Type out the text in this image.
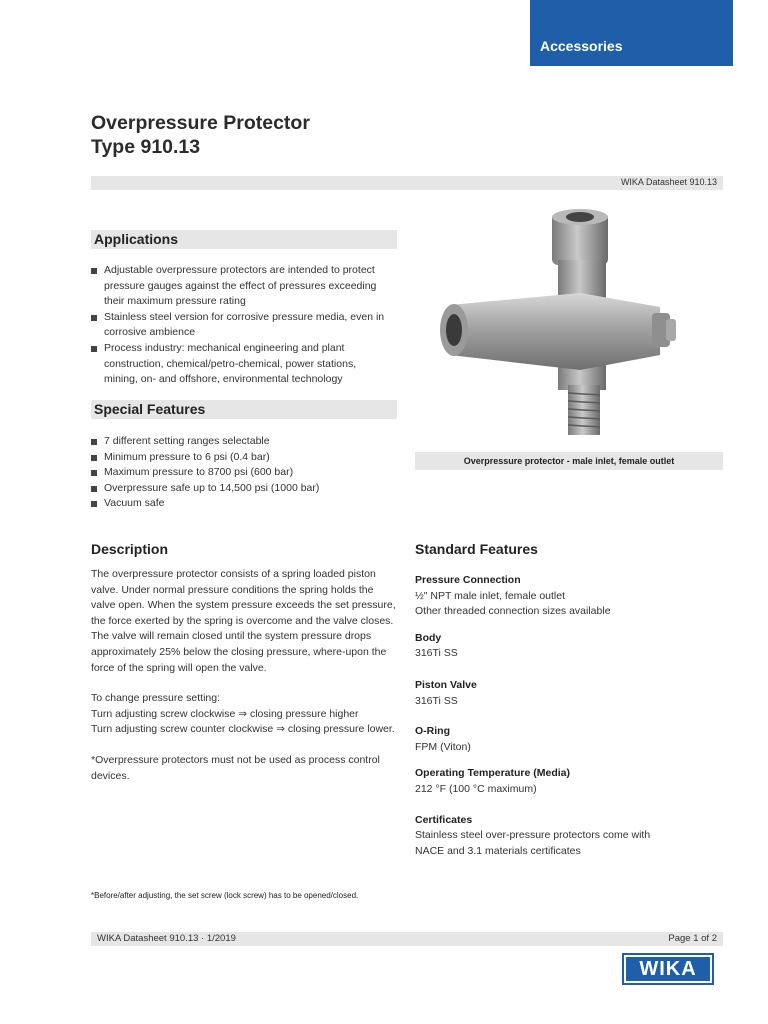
Accessories
Overpressure Protector
Type 910.13
WIKA Datasheet 910.13
Applications
Adjustable overpressure protectors are intended to protect pressure gauges against the effect of pressures exceeding their maximum pressure rating
Stainless steel version for corrosive pressure media, even in corrosive ambience
Process industry: mechanical engineering and plant construction, chemical/petro-chemical, power stations, mining, on- and offshore, environmental technology
Special Features
7 different setting ranges selectable
Minimum pressure to 6 psi (0.4 bar)
Maximum pressure to 8700 psi (600 bar)
Overpressure safe up to 14,500 psi (1000 bar)
Vacuum safe
Overpressure protector - male inlet, female outlet
Description
The overpressure protector consists of a spring loaded piston valve. Under normal pressure conditions the spring holds the valve open. When the system pressure exceeds the set pressure, the force exerted by the spring is overcome and the valve closes. The valve will remain closed until the system pressure drops approximately 25% below the closing pressure, where-upon the force of the spring will open the valve.
To change pressure setting:
Turn adjusting screw clockwise ⇒ closing pressure higher
Turn adjusting screw counter clockwise ⇒ closing pressure lower.
*Overpressure protectors must not be used as process control devices.
Standard Features
Pressure Connection
½" NPT male inlet, female outlet
Other threaded connection sizes available
Body
316Ti SS
Piston Valve
316Ti SS
O-Ring
FPM (Viton)
Operating Temperature (Media)
212 °F (100 °C maximum)
Certificates
Stainless steel over-pressure protectors come with NACE and 3.1 materials certificates
*Before/after adjusting, the set screw (lock screw) has to be opened/closed.
WIKA Datasheet 910.13 · 1/2019	Page 1 of 2
WIKA
